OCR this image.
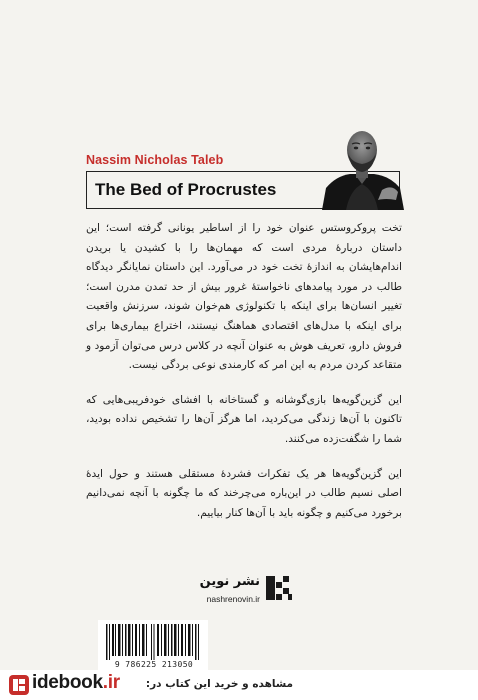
Nassim Nicholas Taleb
The Bed of Procrustes

تخت پروکروستس عنوان خود را از اساطیر یونانی گرفته است؛ این داستان دربارهٔ مردی است که مهمان‌ها را با کشیدن یا بریدن اندام‌هایشان به اندازهٔ تخت خود در می‌آورد. این داستان نمایانگر دیدگاه طالب در مورد پیامدهای ناخواستهٔ غرور بیش از حد تمدن مدرن است؛ تغییر انسان‌ها برای اینکه با تکنولوژی هم‌خوان شوند، سرزنش واقعیت برای اینکه با مدل‌های اقتصادی هماهنگ نیستند، اختراع بیماری‌ها برای فروش دارو، تعریف هوش به عنوان آنچه در کلاس درس می‌توان آزمود و متقاعد کردن مردم به این امر که کارمندی نوعی بردگی نیست.

این گزین‌گویه‌ها بازی‌گوشانه و گستاخانه با افشای خودفریبی‌هایی که تاکنون با آن‌ها زندگی می‌کردید، اما هرگز آن‌ها را تشخیص نداده بودید، شما را شگفت‌زده می‌کنند.

این گزین‌گویه‌ها هر یک تفکرات فشردهٔ مستقلی هستند و حول ایدهٔ اصلی نسیم طالب در این‌باره می‌چرخند که ما چگونه با آنچه نمی‌دانیم برخورد می‌کنیم و چگونه باید با آن‌ها کنار بیاییم.

نشر نوین
nashrenovin.ir
9 786225 213050
idebook.ir مشاهده و خرید این کتاب در:
